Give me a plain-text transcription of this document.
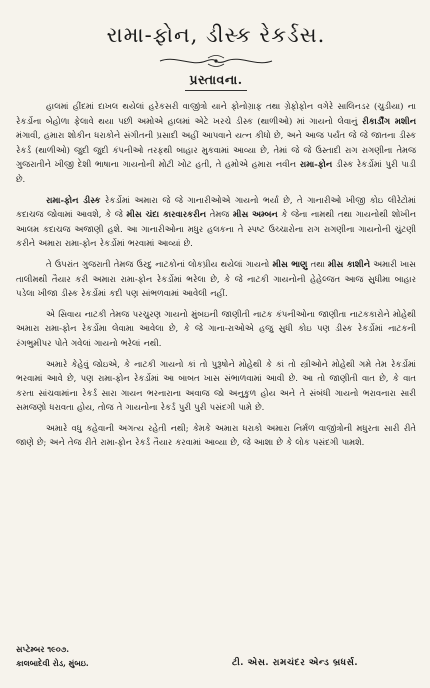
રામા-ફોન, ડીસ્ક રેકર્ડસ.
પ્રસ્તાવના.

હાલમાં હીંદમાં દાખલ થયેલાં હરેકસરી વાજીંત્રો યાને ફોનોગ્રાફ તથા ગ્રેફોફોન વગેરે સાલિનડર (ચુડીયા) ના રેકર્ડોના બેહોળા ફેલાવે થયા પછી અમોએ હાલમાં એટે ખરચે ડીસ્ક (થાળીઓ) માં ગાયનો લેવાનું રીકાર્ડીંગ મશીન મંગાવી, હમારા શોકીન ધરાકોને સંગીતની પ્રસાદી અહીં આપવાને યત્ન કીધો છે, અને આજ પર્યંત જે જે જાતના ડીસ્ક રેકર્ડ (થાળીઓ) જુદી જુદી કંપનીઓ તરફથી બાહાર મુકવામાં આવ્યા છે, તેમાં જે જે ઉસ્તાદી રાગ રાગણીના તેમજ ગુજરાતીને ખીજી દેશી ભાષાના ગાયનોની મોટી ખોટ હતી, તે હમોએ હમારા નવીન રામા-ફોન ડીસ્ક રેકર્ડોમાં પુરી પાડી છે.

રામા-ફોન ડીસ્ક રેકર્ડોમાં અમારા જે જે ગાનારીઓએ ગાયનો ભર્યા છે, તે ગાનારીઓ ખીજી કોઇ લીરેટોમાં કદાચજ જોવામાં આવશે, કે જે મીસ ચંદા કારવારકરીન તેમજ મીસ અમ્બન કે જેના નામથી તથા ગાયનોથી શોખીન આલમ કદાચજ અજાણી હશે. આ ગાનારીઓના મધુર હલકના તે સ્પષ્ટ ઉચ્ચારોના રાગ રાગણીના ગાયનોની ચુંટણી કરીને અમારા રામા-ફોન રેકર્ડોમાં ભરવામાં આવ્યાં છે.

તે ઉપરાંત ગુજરાતી તેમજ ઉરદુ નાટકોનાં લોકપ્રીય થયેલાં ગાયનો મીસ ભાણુ તથા મીસ કાશીને અમારી ખાસ તાલીમથી તૈયાર કરી અમારા રામા-ફોન રેકર્ડોમાં ભરેલા છે, કે જે નાટકી ગાયનોની હેહેલ્જત આજ સુધીમા બાહાર પડેલા ખીજા ડીસ્ક રેકર્ડોમાં કદી પણ સાંભળવામાં આવેલી નહીં.

એ સિવાય નાટકી તેમજ પરચુરણ ગાયનો મુંબઇની જાણીતી નાટક કંપનીઓના જાણીતા નાટકકારોને મોહેથી અમારા રામા-ફોન રેકર્ડોમા લેવામા આવેલા છે, કે જે ગાના-રાઓએ હજુ સુધી કોઇ પણ ડીસ્ક રેકર્ડોમાં નાટકની રંગભુમીપર પોતે ગવેલાં ગાયનો ભરેલાં નથી.

અમારે કેહેવું જોઇએ, કે નાટકી ગાયનો કાં તો પુરૂષોને મોહેથી કે કાં તો સ્ત્રીઓને મોહેથી ગમે તેમ રેકર્ડોમાં ભરવામાં આવે છે, પણ રામા-ફોન રેકર્ડોમાં આ બાબત ખાસ સંભાળવામાં આવી છે. આ તો જાણીતી વાત છે, કે વાત કરતા સાંચવામાંના રેકર્ડ સારા ગાયન ભરનારાના અવાજ જો અનુકુળ હોય અને તે સંબંધી ગાયનો ભરાવનારા સારી સમજણો ધરાવતા હોય, તોજ તે ગાયનોના રેકર્ડ પુરી પુરી પસંદગી પામે છે.

અમારે વધુ કહેવાની અગત્ય રહેતી નથી; કેમકે અમારા ધરાકો અમારા નિર્મળ વાજીંત્રોની મધુરતા સારી રીતે જાણે છે; અને તેજ રીતે રામા-ફોન રેકર્ડ તૈયાર કરવામાં આવ્યા છે, જે આશા છે કે લોક પસંદગી પામશે.

સપ્ટેમ્બર ૧૯૦૭.
કાલબાદેવી રોડ, મુંબઇ.	ટી. એસ. રામચંદર એન્ડ બ્રધર્સ.
